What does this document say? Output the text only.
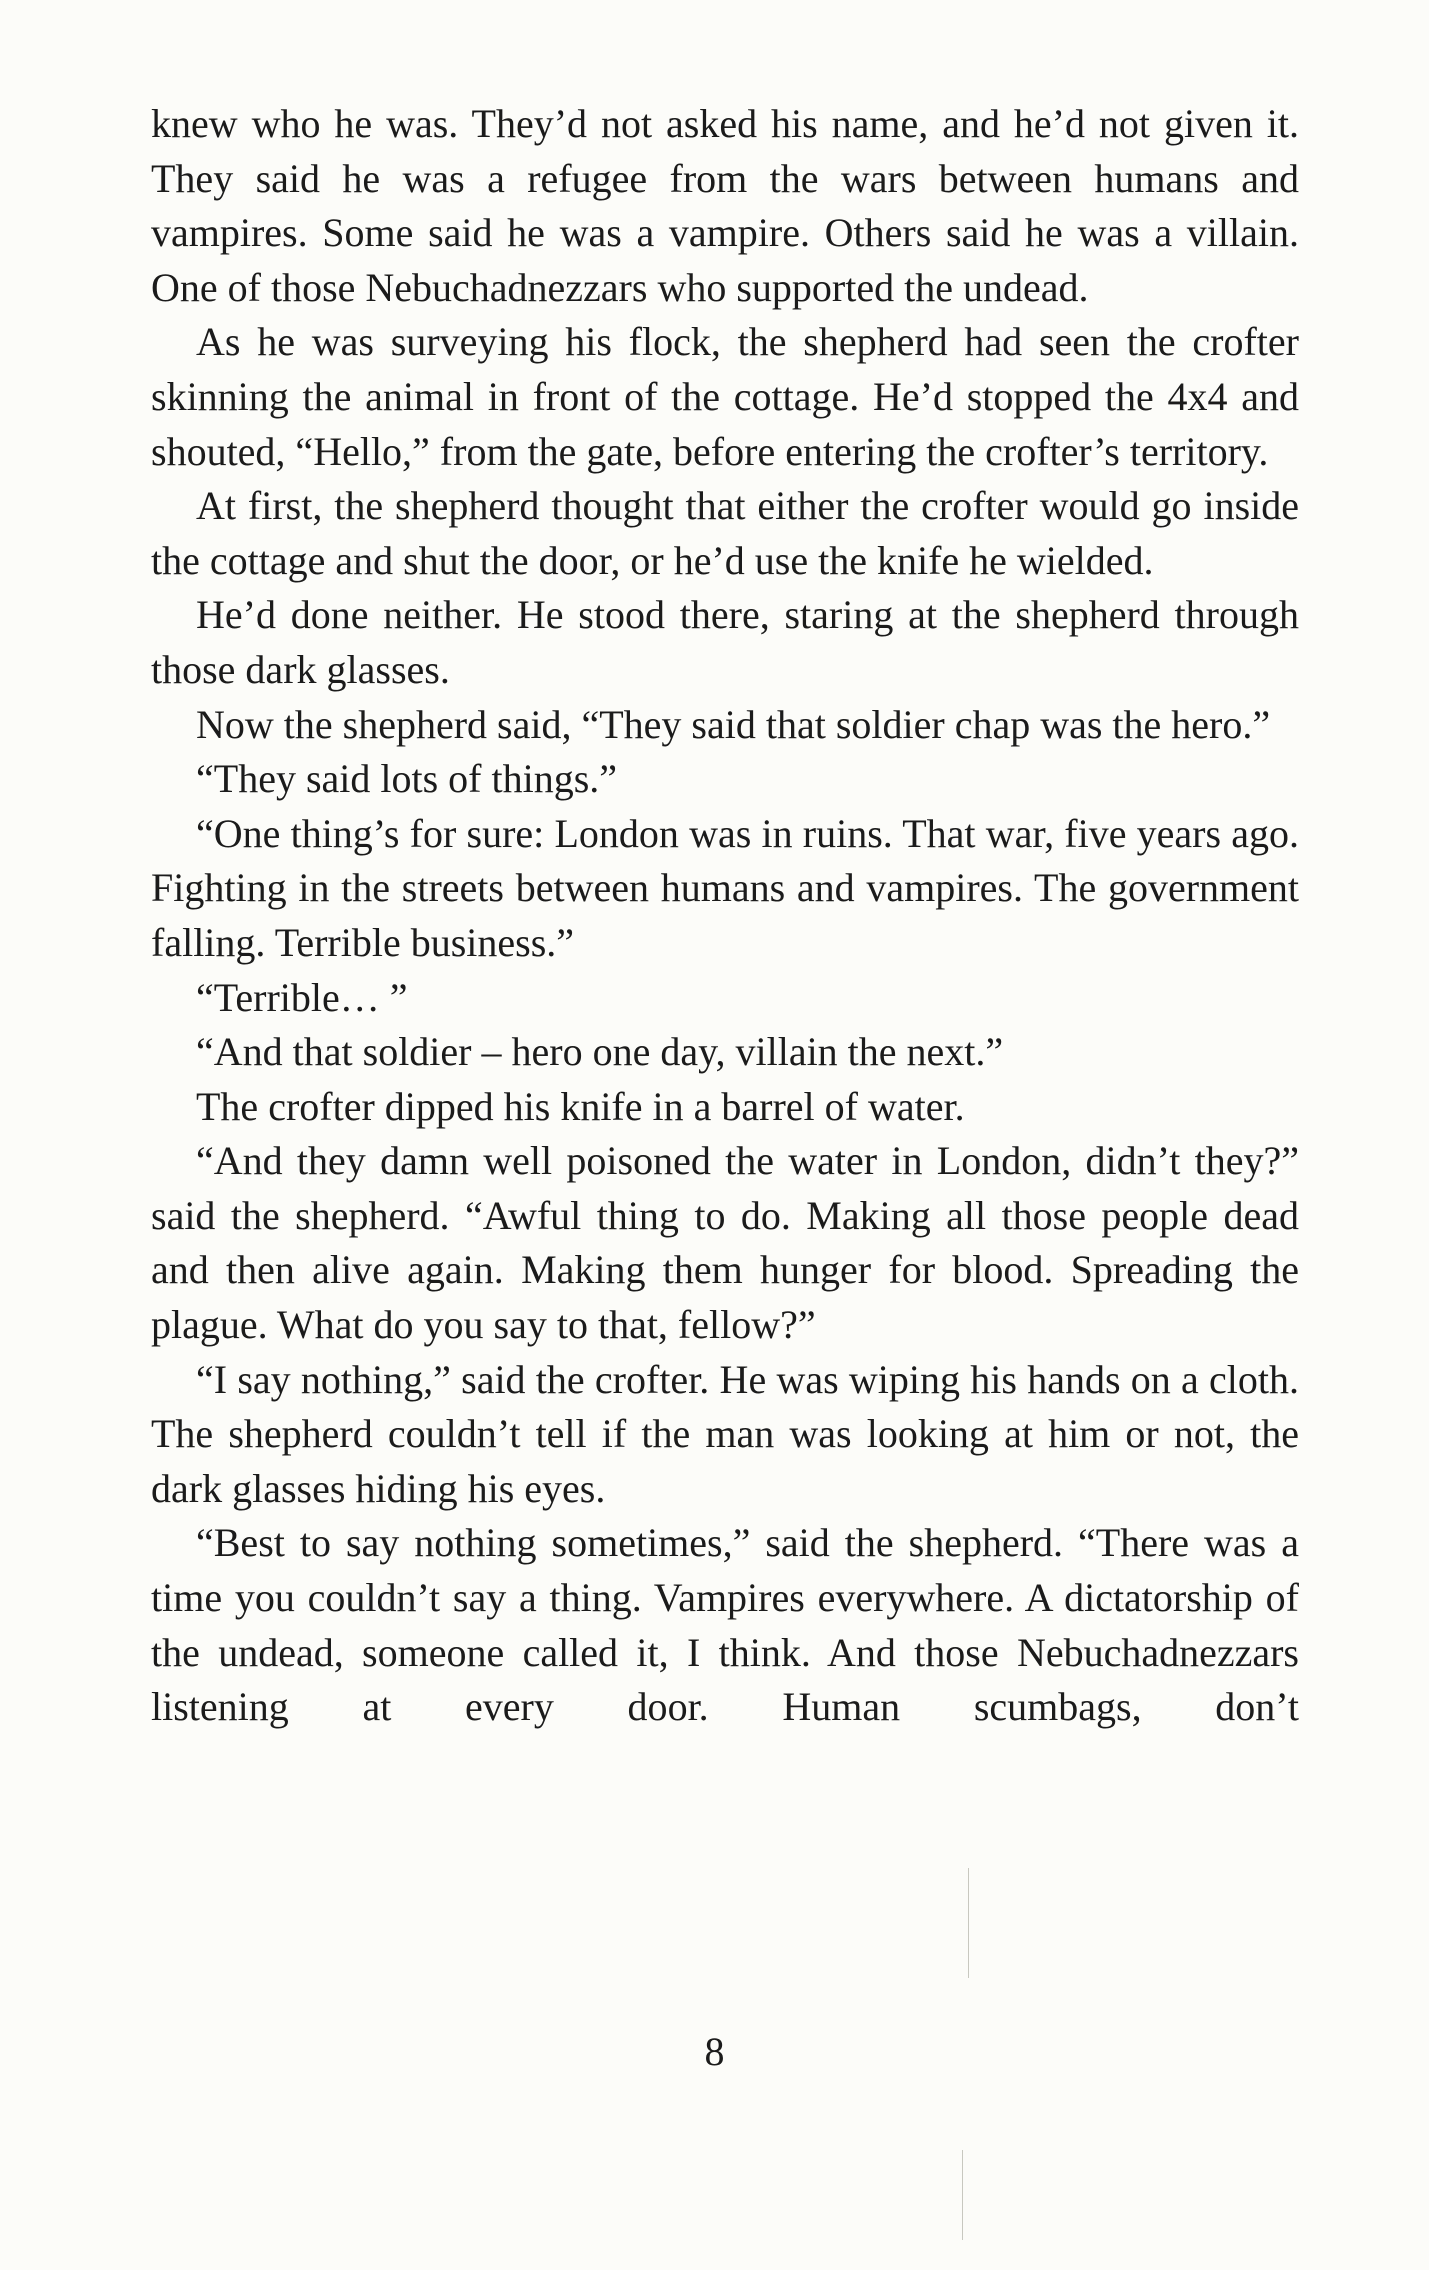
knew who he was. They’d not asked his name, and he’d not given it. They said he was a refugee from the wars between humans and vampires. Some said he was a vampire. Others said he was a villain. One of those Nebuchadnezzars who supported the undead.

As he was surveying his flock, the shepherd had seen the crofter skinning the animal in front of the cottage. He’d stopped the 4x4 and shouted, “Hello,” from the gate, before entering the crofter’s territory.

At first, the shepherd thought that either the crofter would go inside the cottage and shut the door, or he’d use the knife he wielded.

He’d done neither. He stood there, staring at the shepherd through those dark glasses.

Now the shepherd said, “They said that soldier chap was the hero.”

“They said lots of things.”

“One thing’s for sure: London was in ruins. That war, five years ago. Fighting in the streets between humans and vampires. The government falling. Terrible business.”

“Terrible… ”

“And that soldier – hero one day, villain the next.”

The crofter dipped his knife in a barrel of water.

“And they damn well poisoned the water in London, didn’t they?” said the shepherd. “Awful thing to do. Making all those people dead and then alive again. Making them hunger for blood. Spreading the plague. What do you say to that, fellow?”

“I say nothing,” said the crofter. He was wiping his hands on a cloth. The shepherd couldn’t tell if the man was looking at him or not, the dark glasses hiding his eyes.

“Best to say nothing sometimes,” said the shepherd. “There was a time you couldn’t say a thing. Vampires everywhere. A dictatorship of the undead, someone called it, I think. And those Nebuchadnezzars listening at every door. Human scumbags, don’t

8
